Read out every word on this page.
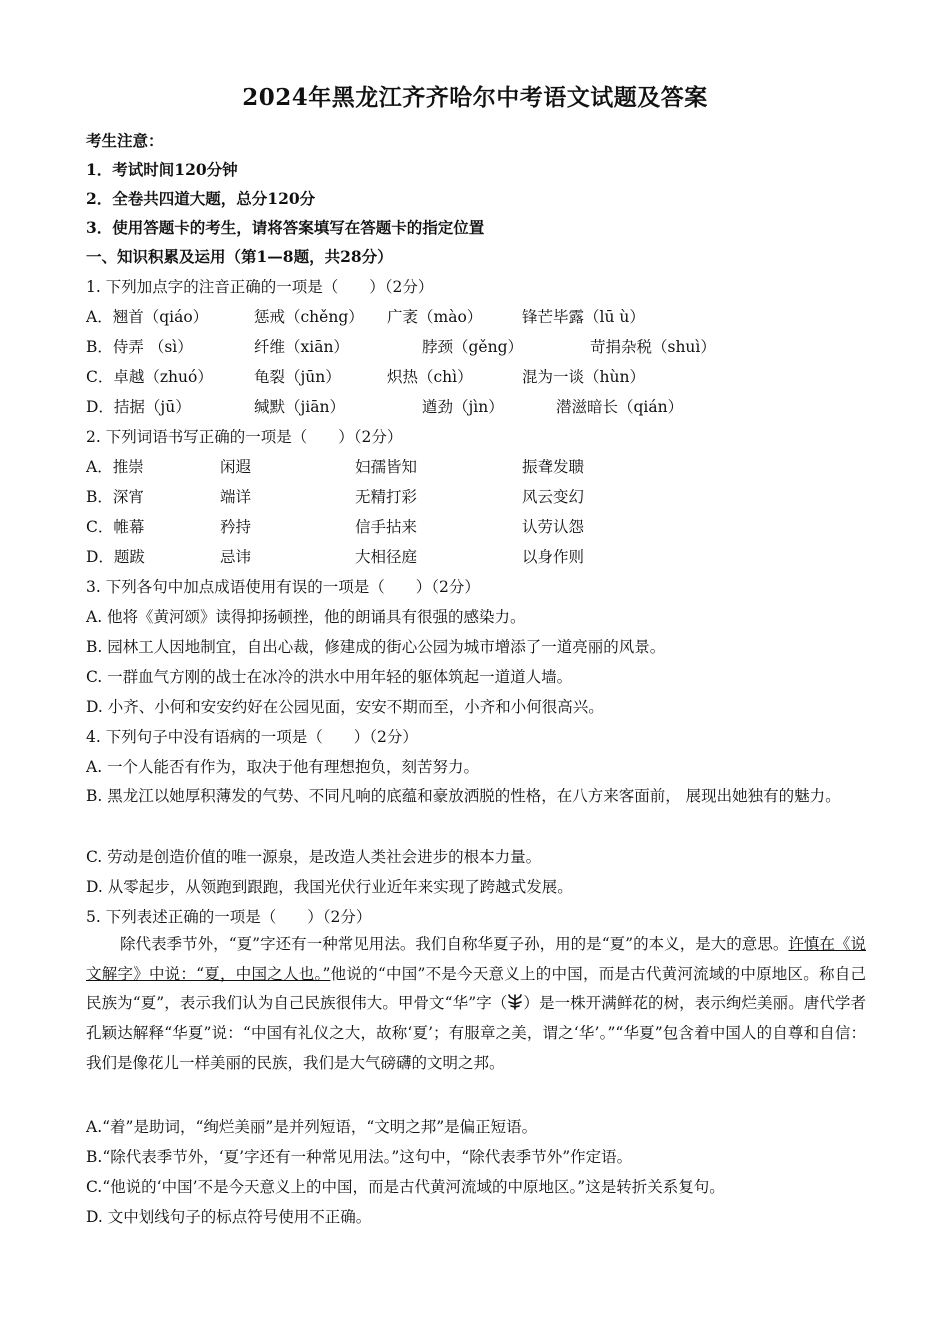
2024年黑龙江齐齐哈尔中考语文试题及答案
考生注意：
1．考试时间120分钟
2．全卷共四道大题，总分120分
3．使用答题卡的考生，请将答案填写在答题卡的指定位置
一、知识积累及运用（第1—8题，共28分）
1. 下列加点字的注音正确的一项是（　　）（2分）
A．翘首（qiáo）	惩戒（chěng） 广袤（mào）	锋芒毕露（lū ù）
B．侍弄 （sì）	纤维（xiān）	脖颈（gěng）	苛捐杂税（shuì）
C．卓越（zhuó）	龟裂（jūn）	炽热（chì）	混为一谈（hùn）
D．拮据（jū）	缄默（jiān）	遒劲（jìn）	潜滋暗长（qián）
2. 下列词语书写正确的一项是（　　）（2分）
A．推崇	闲遐	妇孺皆知	振聋发聩
B．深宵	端详	无精打彩	风云变幻
C．帷幕	矜持	信手拈来	认劳认怨
D．题跋	忌讳	大相径庭	以身作则
3. 下列各句中加点成语使用有误的一项是（　　）（2分）
A. 他将《黄河颂》读得抑扬顿挫，他的朗诵具有很强的感染力。
B. 园林工人因地制宜，自出心裁，修建成的街心公园为城市增添了一道亮丽的风景。
C. 一群血气方刚的战士在冰冷的洪水中用年轻的躯体筑起一道道人墙。
D. 小齐、小何和安安约好在公园见面，安安不期而至，小齐和小何很高兴。
4. 下列句子中没有语病的一项是（　　）（2分）
A. 一个人能否有作为，取决于他有理想抱负，刻苦努力。
B. 黑龙江以她厚积薄发的气势、不同凡响的底蕴和豪放洒脱的性格，在八方来客面前， 展现出她独有的魅力。
C. 劳动是创造价值的唯一源泉，是改造人类社会进步的根本力量。
D. 从零起步，从领跑到跟跑，我国光伏行业近年来实现了跨越式发展。
5. 下列表述正确的一项是（　　）（2分）
除代表季节外，“夏”字还有一种常见用法。我们自称华夏子孙，用的是“夏”的本义，是大的意思。许慎在《说文解字》中说：“夏，中国之人也。”他说的“中国”不是今天意义上的中国，而是古代黄河流域的中原地区。称自己民族为“夏”，表示我们认为自己民族很伟大。甲骨文“华”字（ ）是一株开满鲜花的树，表示绚烂美丽。唐代学者孔颖达解释“华夏”说：“中国有礼仪之大，故称‘夏’；有服章之美，谓之‘华’。”“华夏”包含着中国人的自尊和自信：我们是像花儿一样美丽的民族，我们是大气磅礴的文明之邦。
A.“着”是助词，“绚烂美丽”是并列短语，“文明之邦”是偏正短语。
B.“除代表季节外，‘夏’字还有一种常见用法。”这句中，“除代表季节外”作定语。
C.“他说的‘中国’不是今天意义上的中国，而是古代黄河流域的中原地区。”这是转折关系复句。
D. 文中划线句子的标点符号使用不正确。
